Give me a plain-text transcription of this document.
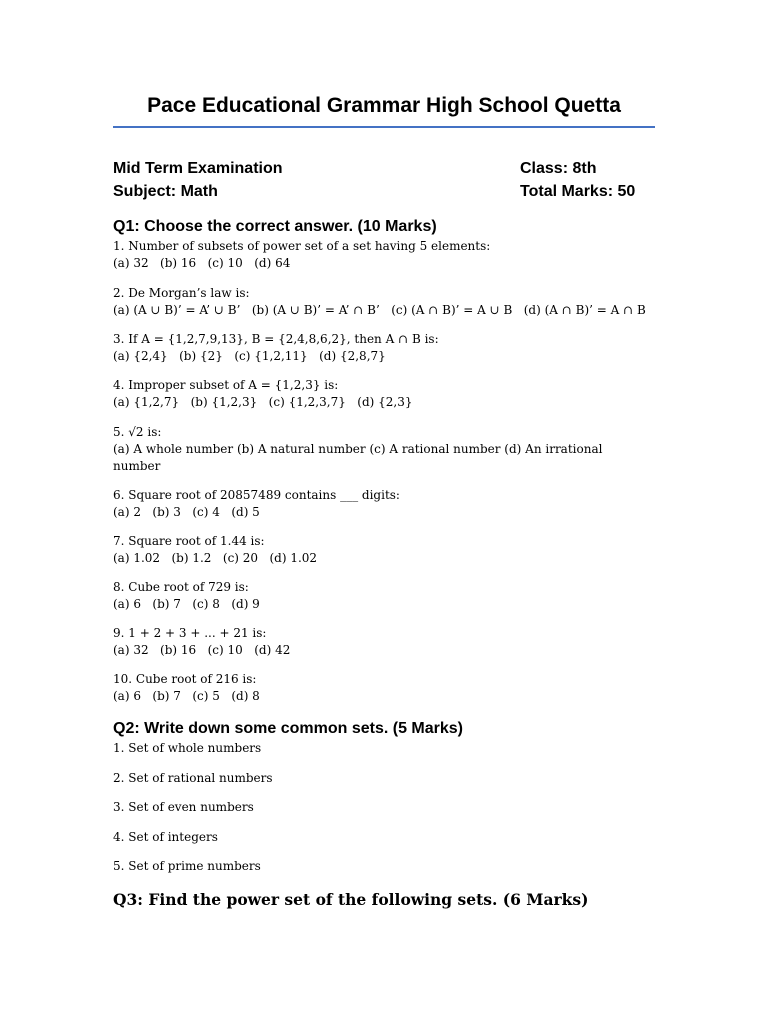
Pace Educational Grammar High School Quetta
Mid Term Examination
Subject: Math
Class: 8th
Total Marks: 50
Q1: Choose the correct answer. (10 Marks)
1. Number of subsets of power set of a set having 5 elements:
(a) 32   (b) 16   (c) 10   (d) 64
2. De Morgan’s law is:
(a) (A ∪ B)’ = A’ ∪ B’   (b) (A ∪ B)’ = A’ ∩ B’   (c) (A ∩ B)’ = A ∪ B   (d) (A ∩ B)’ = A ∩ B
3. If A = {1,2,7,9,13}, B = {2,4,8,6,2}, then A ∩ B is:
(a) {2,4}   (b) {2}   (c) {1,2,11}   (d) {2,8,7}
4. Improper subset of A = {1,2,3} is:
(a) {1,2,7}   (b) {1,2,3}   (c) {1,2,3,7}   (d) {2,3}
5. √2 is:
(a) A whole number (b) A natural number (c) A rational number (d) An irrational number
6. Square root of 20857489 contains ___ digits:
(a) 2   (b) 3   (c) 4   (d) 5
7. Square root of 1.44 is:
(a) 1.02   (b) 1.2   (c) 20   (d) 1.02
8. Cube root of 729 is:
(a) 6   (b) 7   (c) 8   (d) 9
9. 1 + 2 + 3 + ... + 21 is:
(a) 32   (b) 16   (c) 10   (d) 42
10. Cube root of 216 is:
(a) 6   (b) 7   (c) 5   (d) 8
Q2: Write down some common sets. (5 Marks)
1. Set of whole numbers
2. Set of rational numbers
3. Set of even numbers
4. Set of integers
5. Set of prime numbers
Q3: Find the power set of the following sets. (6 Marks)
